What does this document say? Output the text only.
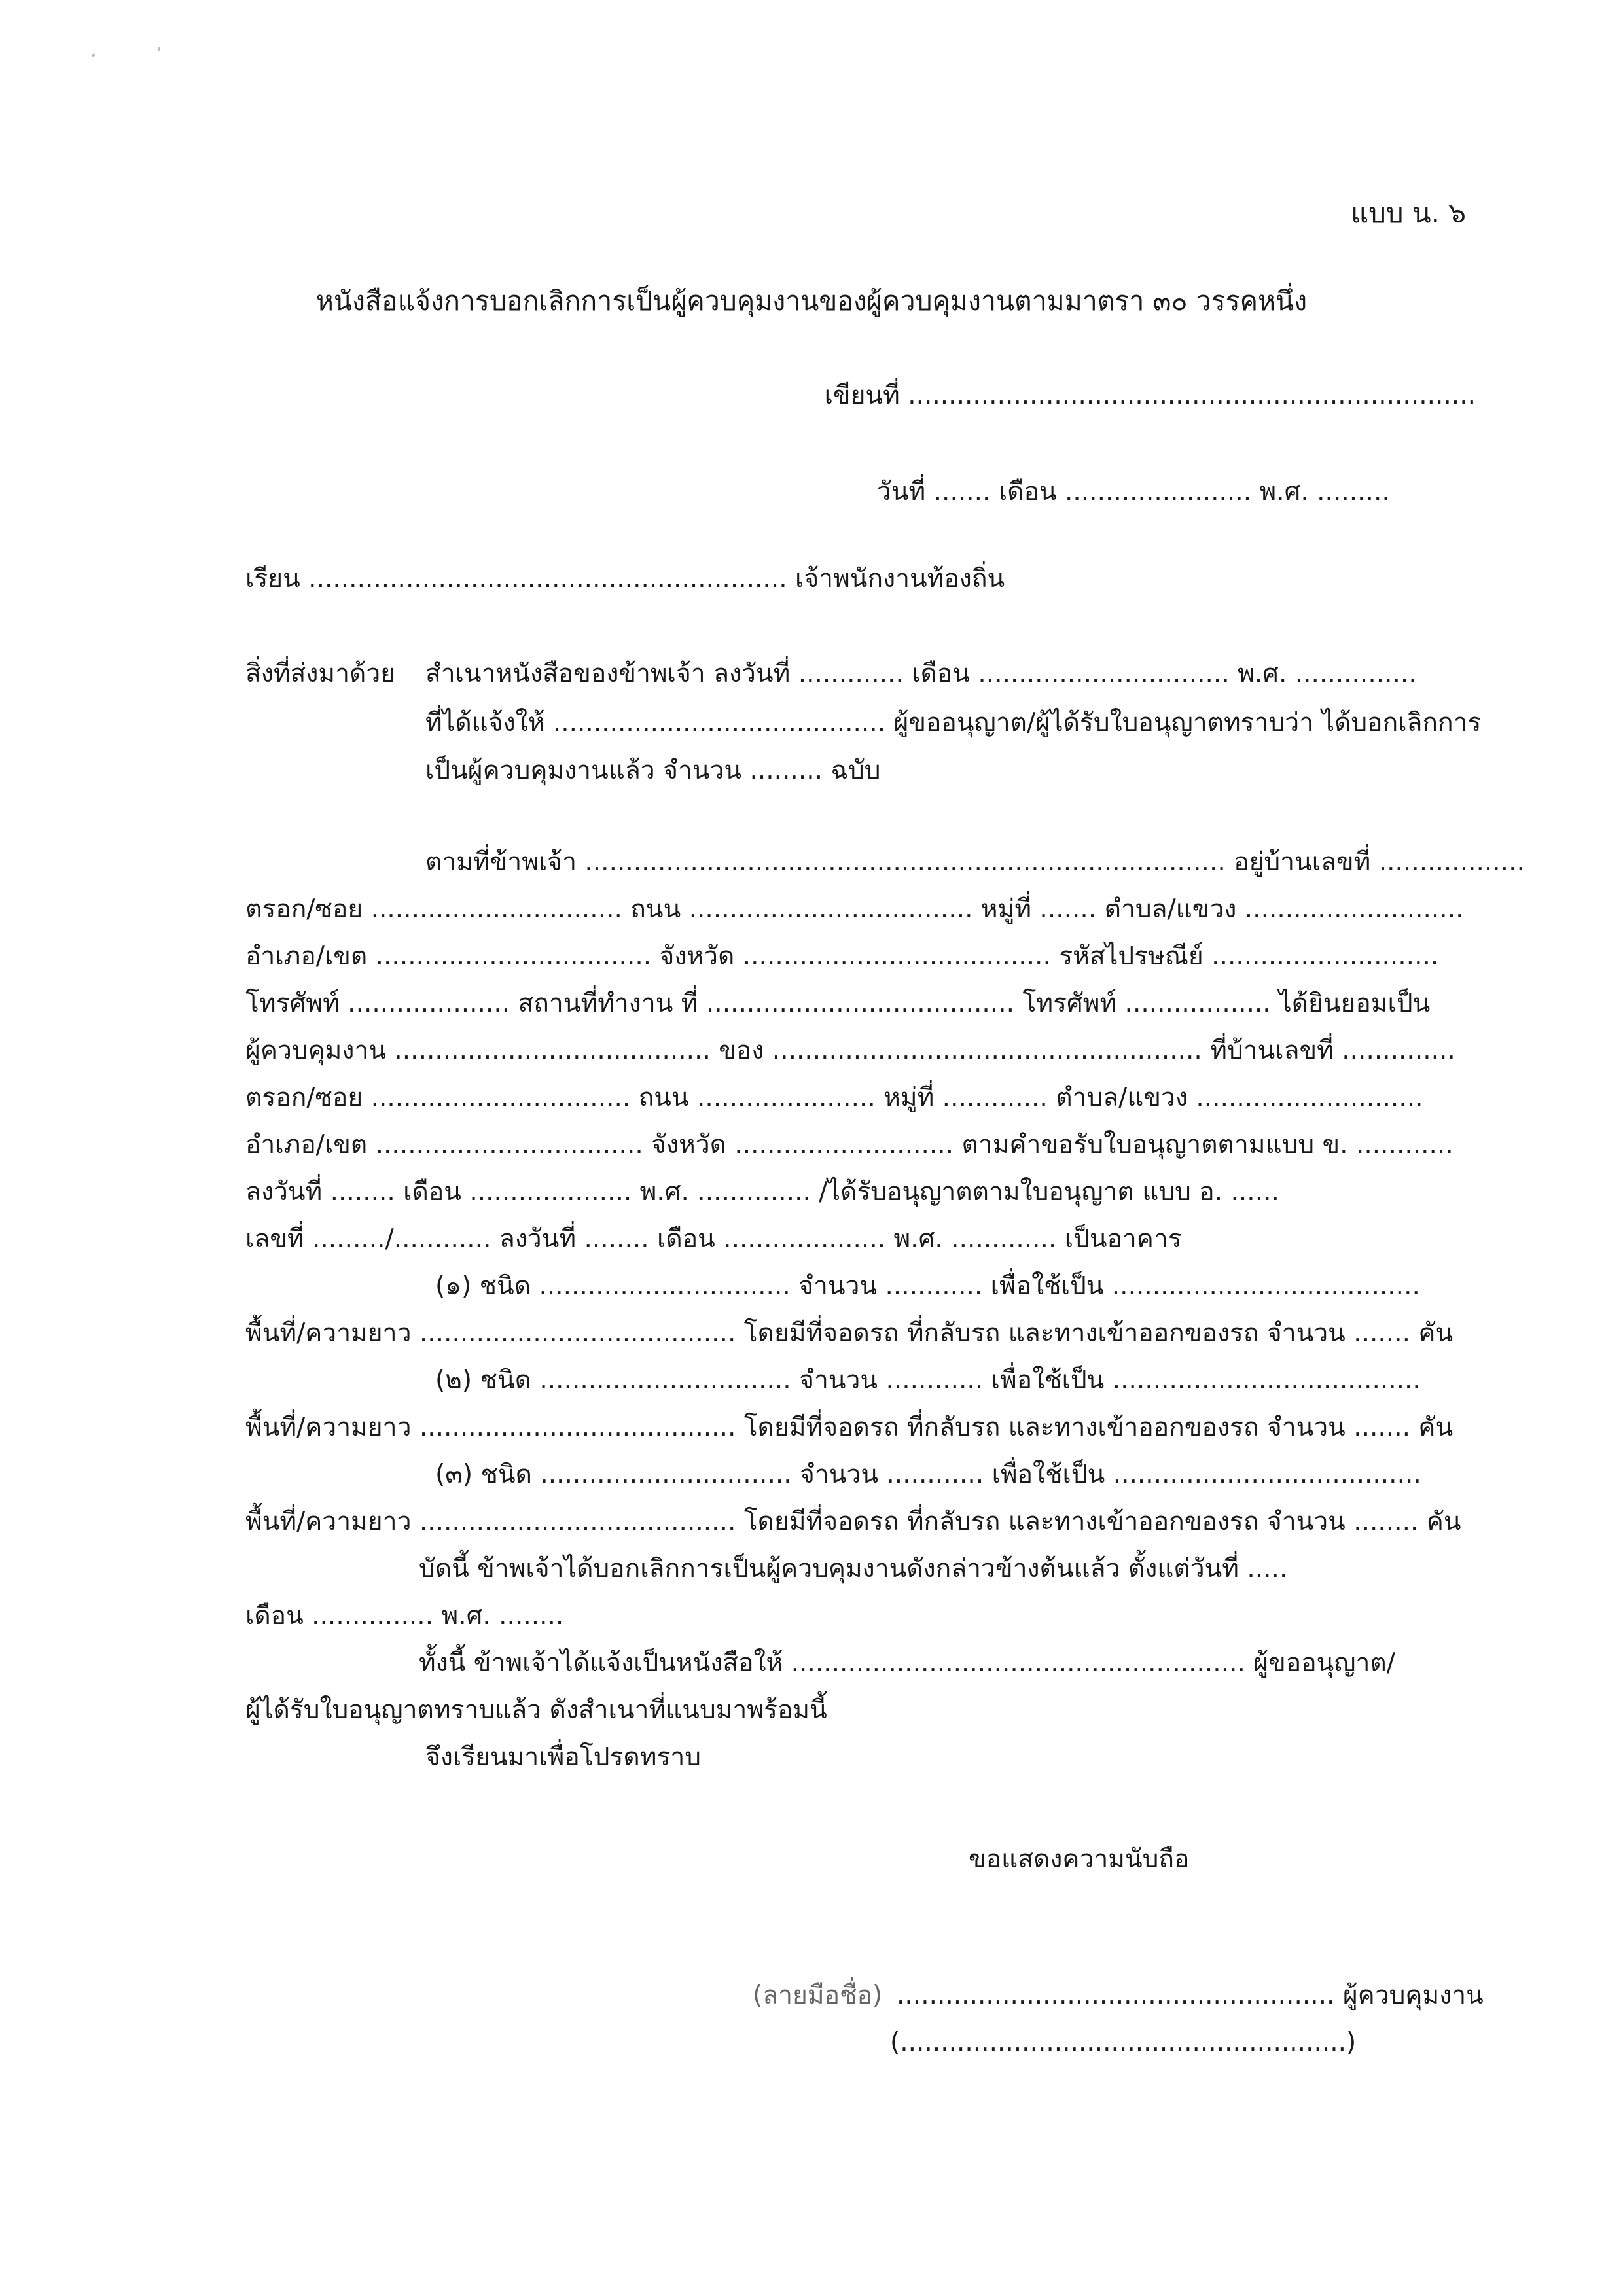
แบบ น. ๖
หนังสือแจ้งการบอกเลิกการเป็นผู้ควบคุมงานของผู้ควบคุมงานตามมาตรา ๓๐ วรรคหนึ่ง
เขียนที่ ......................................................................
วันที่ ....... เดือน ....................... พ.ศ. .........
เรียน ........................................................... เจ้าพนักงานท้องถิ่น
สิ่งที่ส่งมาด้วย สำเนาหนังสือของข้าพเจ้า ลงวันที่ ............. เดือน ............................... พ.ศ. ...............
ที่ได้แจ้งให้ ......................................... ผู้ขออนุญาต/ผู้ได้รับใบอนุญาตทราบว่า ได้บอกเลิกการ
เป็นผู้ควบคุมงานแล้ว จำนวน ......... ฉบับ
ตามที่ข้าพเจ้า ............................................................................... อยู่บ้านเลขที่ ..................
ตรอก/ซอย ............................... ถนน ................................... หมู่ที่ ....... ตำบล/แขวง ...........................
อำเภอ/เขต .................................. จังหวัด ...................................... รหัสไปรษณีย์ ............................
โทรศัพท์ .................... สถานที่ทำงาน ที่ ...................................... โทรศัพท์ .................. ได้ยินยอมเป็น
ผู้ควบคุมงาน ....................................... ของ ..................................................... ที่บ้านเลขที่ ..............
ตรอก/ซอย ................................ ถนน ...................... หมู่ที่ ............. ตำบล/แขวง ............................
อำเภอ/เขต ................................. จังหวัด ........................... ตามคำขอรับใบอนุญาตตามแบบ ข. ............
ลงวันที่ ........ เดือน .................... พ.ศ. .............. /ได้รับอนุญาตตามใบอนุญาต แบบ อ. ......
เลขที่ ........./............ ลงวันที่ ........ เดือน .................... พ.ศ. ............. เป็นอาคาร
(๑) ชนิด ............................... จำนวน ............ เพื่อใช้เป็น ......................................
พื้นที่/ความยาว ....................................... โดยมีที่จอดรถ ที่กลับรถ และทางเข้าออกของรถ จำนวน ....... คัน
(๒) ชนิด ............................... จำนวน ............ เพื่อใช้เป็น ......................................
พื้นที่/ความยาว ....................................... โดยมีที่จอดรถ ที่กลับรถ และทางเข้าออกของรถ จำนวน ....... คัน
(๓) ชนิด ............................... จำนวน ............ เพื่อใช้เป็น ......................................
พื้นที่/ความยาว ....................................... โดยมีที่จอดรถ ที่กลับรถ และทางเข้าออกของรถ จำนวน ........ คัน
บัดนี้ ข้าพเจ้าได้บอกเลิกการเป็นผู้ควบคุมงานดังกล่าวข้างต้นแล้ว ตั้งแต่วันที่ .....
เดือน ............... พ.ศ. ........
ทั้งนี้ ข้าพเจ้าได้แจ้งเป็นหนังสือให้ ........................................................ ผู้ขออนุญาต/
ผู้ได้รับใบอนุญาตทราบแล้ว ดังสำเนาที่แนบมาพร้อมนี้
จึงเรียนมาเพื่อโปรดทราบ
ขอแสดงความนับถือ
(ลายมือชื่อ) ...................................................... ผู้ควบคุมงาน
(.......................................................)
